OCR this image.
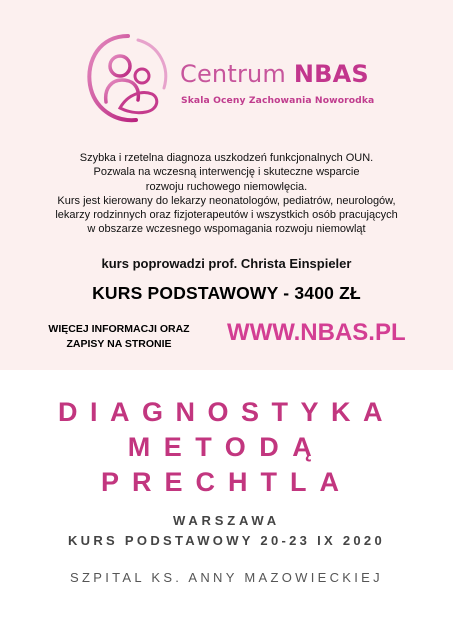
Centrum NBAS
Skala Oceny Zachowania Noworodka
Szybka i rzetelna diagnoza uszkodzeń funkcjonalnych OUN.
Pozwala na wczesną interwencję i skuteczne wsparcie
rozwoju ruchowego niemowlęcia.
Kurs jest kierowany do lekarzy neonatologów, pediatrów, neurologów,
lekarzy rodzinnych oraz fizjoterapeutów i wszystkich osób pracujących
w obszarze wczesnego wspomagania rozwoju niemowląt
kurs poprowadzi prof. Christa Einspieler
KURS PODSTAWOWY - 3400 ZŁ
WIĘCEJ INFORMACJI ORAZ
ZAPISY NA STRONIE	WWW.NBAS.PL
DIAGNOSTYKA
METODĄ
PRECHTLA
WARSZAWA
KURS PODSTAWOWY 20-23 IX 2020
SZPITAL KS. ANNY MAZOWIECKIEJ
